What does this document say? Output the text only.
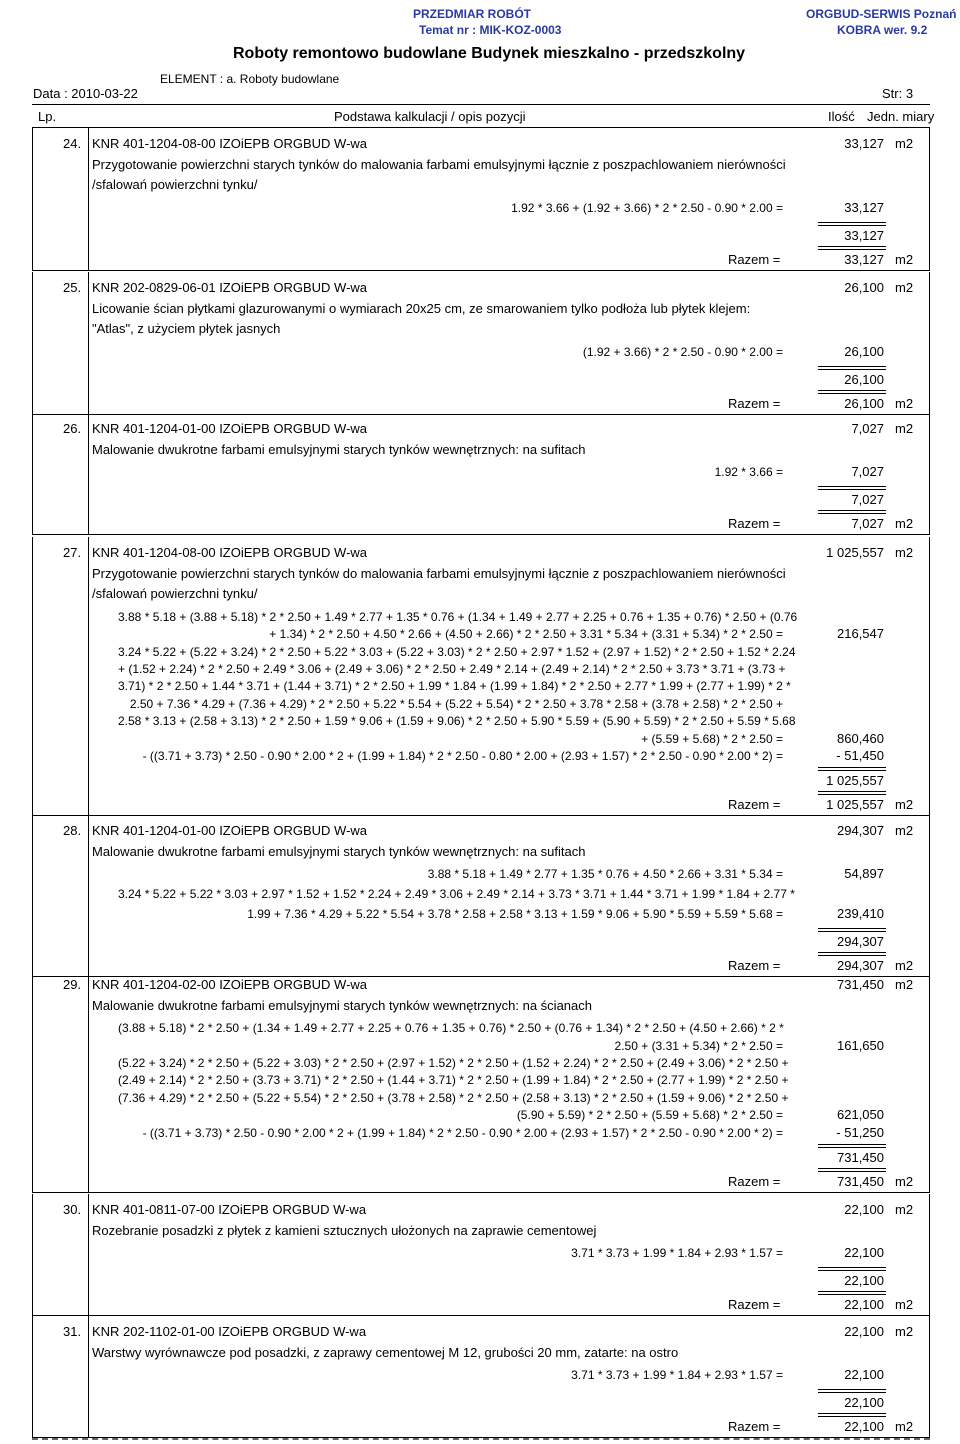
PRZEDMIAR ROBÓT
Temat nr : MIK-KOZ-0003
ORGBUD-SERWIS Poznań
KOBRA wer. 9.2
Roboty remontowo budowlane Budynek mieszkalno - przedszkolny
ELEMENT : a. Roboty budowlane
Data : 2010-03-22	Str: 3
Lp.	Podstawa kalkulacji / opis pozycji	Ilość Jedn. miary
24. KNR 401-1204-08-00 IZOiEPB ORGBUD W-wa	33,127 m2
Przygotowanie powierzchni starych tynków do malowania farbami emulsyjnymi łącznie z poszpachlowaniem nierówności
/sfalowań powierzchni tynku/
1.92 * 3.66 + (1.92 + 3.66) * 2 * 2.50 - 0.90 * 2.00 =	33,127
33,127
Razem =	33,127 m2
25. KNR 202-0829-06-01 IZOiEPB ORGBUD W-wa	26,100 m2
Licowanie ścian płytkami glazurowanymi o wymiarach 20x25 cm, ze smarowaniem tylko podłoża lub płytek klejem:
"Atlas", z użyciem płytek jasnych
(1.92 + 3.66) * 2 * 2.50 - 0.90 * 2.00 =	26,100
26,100
Razem =	26,100 m2
26. KNR 401-1204-01-00 IZOiEPB ORGBUD W-wa	7,027 m2
Malowanie dwukrotne farbami emulsyjnymi starych tynków wewnętrznych: na sufitach
1.92 * 3.66 =	7,027
7,027
Razem =	7,027 m2
27. KNR 401-1204-08-00 IZOiEPB ORGBUD W-wa	1 025,557 m2
Przygotowanie powierzchni starych tynków do malowania farbami emulsyjnymi łącznie z poszpachlowaniem nierówności
/sfalowań powierzchni tynku/
3.88 * 5.18 + (3.88 + 5.18) * 2 * 2.50 + 1.49 * 2.77 + 1.35 * 0.76 + (1.34 + 1.49 + 2.77 + 2.25 + 0.76 + 1.35 + 0.76) * 2.50 + (0.76
+ 1.34) * 2 * 2.50 + 4.50 * 2.66 + (4.50 + 2.66) * 2 * 2.50 + 3.31 * 5.34 + (3.31 + 5.34) * 2 * 2.50 =	216,547
3.24 * 5.22 + (5.22 + 3.24) * 2 * 2.50 + 5.22 * 3.03 + (5.22 + 3.03) * 2 * 2.50 + 2.97 * 1.52 + (2.97 + 1.52) * 2 * 2.50 + 1.52 * 2.24
+ (1.52 + 2.24) * 2 * 2.50 + 2.49 * 3.06 + (2.49 + 3.06) * 2 * 2.50 + 2.49 * 2.14 + (2.49 + 2.14) * 2 * 2.50 + 3.73 * 3.71 + (3.73 +
3.71) * 2 * 2.50 + 1.44 * 3.71 + (1.44 + 3.71) * 2 * 2.50 + 1.99 * 1.84 + (1.99 + 1.84) * 2 * 2.50 + 2.77 * 1.99 + (2.77 + 1.99) * 2 *
2.50 + 7.36 * 4.29 + (7.36 + 4.29) * 2 * 2.50 + 5.22 * 5.54 + (5.22 + 5.54) * 2 * 2.50 + 3.78 * 2.58 + (3.78 + 2.58) * 2 * 2.50 +
2.58 * 3.13 + (2.58 + 3.13) * 2 * 2.50 + 1.59 * 9.06 + (1.59 + 9.06) * 2 * 2.50 + 5.90 * 5.59 + (5.90 + 5.59) * 2 * 2.50 + 5.59 * 5.68
+ (5.59 + 5.68) * 2 * 2.50 =	860,460
- ((3.71 + 3.73) * 2.50 - 0.90 * 2.00 * 2 + (1.99 + 1.84) * 2 * 2.50 - 0.80 * 2.00 + (2.93 + 1.57) * 2 * 2.50 - 0.90 * 2.00 * 2) =	- 51,450
1 025,557
Razem =	1 025,557 m2
28. KNR 401-1204-01-00 IZOiEPB ORGBUD W-wa	294,307 m2
Malowanie dwukrotne farbami emulsyjnymi starych tynków wewnętrznych: na sufitach
3.88 * 5.18 + 1.49 * 2.77 + 1.35 * 0.76 + 4.50 * 2.66 + 3.31 * 5.34 =	54,897
3.24 * 5.22 + 5.22 * 3.03 + 2.97 * 1.52 + 1.52 * 2.24 + 2.49 * 3.06 + 2.49 * 2.14 + 3.73 * 3.71 + 1.44 * 3.71 + 1.99 * 1.84 + 2.77 *
1.99 + 7.36 * 4.29 + 5.22 * 5.54 + 3.78 * 2.58 + 2.58 * 3.13 + 1.59 * 9.06 + 5.90 * 5.59 + 5.59 * 5.68 =	239,410
294,307
Razem =	294,307 m2
29. KNR 401-1204-02-00 IZOiEPB ORGBUD W-wa	731,450 m2
Malowanie dwukrotne farbami emulsyjnymi starych tynków wewnętrznych: na ścianach
(3.88 + 5.18) * 2 * 2.50 + (1.34 + 1.49 + 2.77 + 2.25 + 0.76 + 1.35 + 0.76) * 2.50 + (0.76 + 1.34) * 2 * 2.50 + (4.50 + 2.66) * 2 *
2.50 + (3.31 + 5.34) * 2 * 2.50 =	161,650
(5.22 + 3.24) * 2 * 2.50 + (5.22 + 3.03) * 2 * 2.50 + (2.97 + 1.52) * 2 * 2.50 + (1.52 + 2.24) * 2 * 2.50 + (2.49 + 3.06) * 2 * 2.50 +
(2.49 + 2.14) * 2 * 2.50 + (3.73 + 3.71) * 2 * 2.50 + (1.44 + 3.71) * 2 * 2.50 + (1.99 + 1.84) * 2 * 2.50 + (2.77 + 1.99) * 2 * 2.50 +
(7.36 + 4.29) * 2 * 2.50 + (5.22 + 5.54) * 2 * 2.50 + (3.78 + 2.58) * 2 * 2.50 + (2.58 + 3.13) * 2 * 2.50 + (1.59 + 9.06) * 2 * 2.50 +
(5.90 + 5.59) * 2 * 2.50 + (5.59 + 5.68) * 2 * 2.50 =	621,050
- ((3.71 + 3.73) * 2.50 - 0.90 * 2.00 * 2 + (1.99 + 1.84) * 2 * 2.50 - 0.90 * 2.00 + (2.93 + 1.57) * 2 * 2.50 - 0.90 * 2.00 * 2) =	- 51,250
731,450
Razem =	731,450 m2
30. KNR 401-0811-07-00 IZOiEPB ORGBUD W-wa	22,100 m2
Rozebranie posadzki z płytek z kamieni sztucznych ułożonych na zaprawie cementowej
3.71 * 3.73 + 1.99 * 1.84 + 2.93 * 1.57 =	22,100
22,100
Razem =	22,100 m2
31. KNR 202-1102-01-00 IZOiEPB ORGBUD W-wa	22,100 m2
Warstwy wyrównawcze pod posadzki, z zaprawy cementowej M 12, grubości 20 mm, zatarte: na ostro
3.71 * 3.73 + 1.99 * 1.84 + 2.93 * 1.57 =	22,100
22,100
Razem =	22,100 m2
